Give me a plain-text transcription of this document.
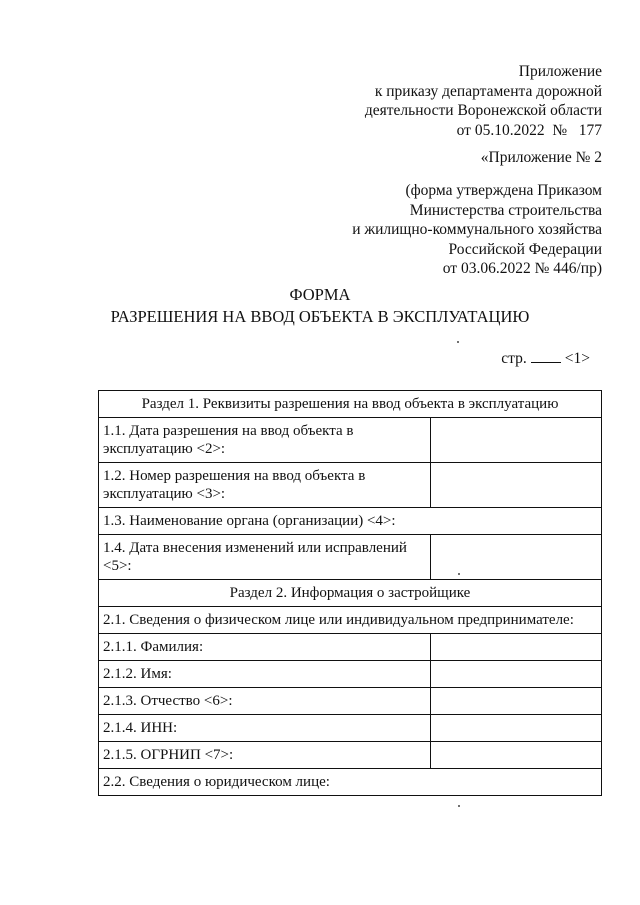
Приложение
к приказу департамента дорожной
деятельности Воронежской области
от 05.10.2022  №   177
«Приложение № 2
(форма утверждена Приказом
Министерства строительства
и жилищно-коммунального хозяйства
Российской Федерации
от 03.06.2022 № 446/пр)
ФОРМА
РАЗРЕШЕНИЯ НА ВВОД ОБЪЕКТА В ЭКСПЛУАТАЦИЮ
стр. <1>
Раздел 1. Реквизиты разрешения на ввод объекта в эксплуатацию	
1.1. Дата разрешения на ввод объекта в эксплуатацию <2>:	
1.2. Номер разрешения на ввод объекта в эксплуатацию <3>:	
1.3. Наименование органа (организации) <4>:	
1.4. Дата внесения изменений или исправлений <5>:	
Раздел 2. Информация о застройщике	
2.1. Сведения о физическом лице или индивидуальном предпринимателе:	
2.1.1. Фамилия:	
2.1.2. Имя:	
2.1.3. Отчество <6>:	
2.1.4. ИНН:	
2.1.5. ОГРНИП <7>:	
2.2. Сведения о юридическом лице:	
